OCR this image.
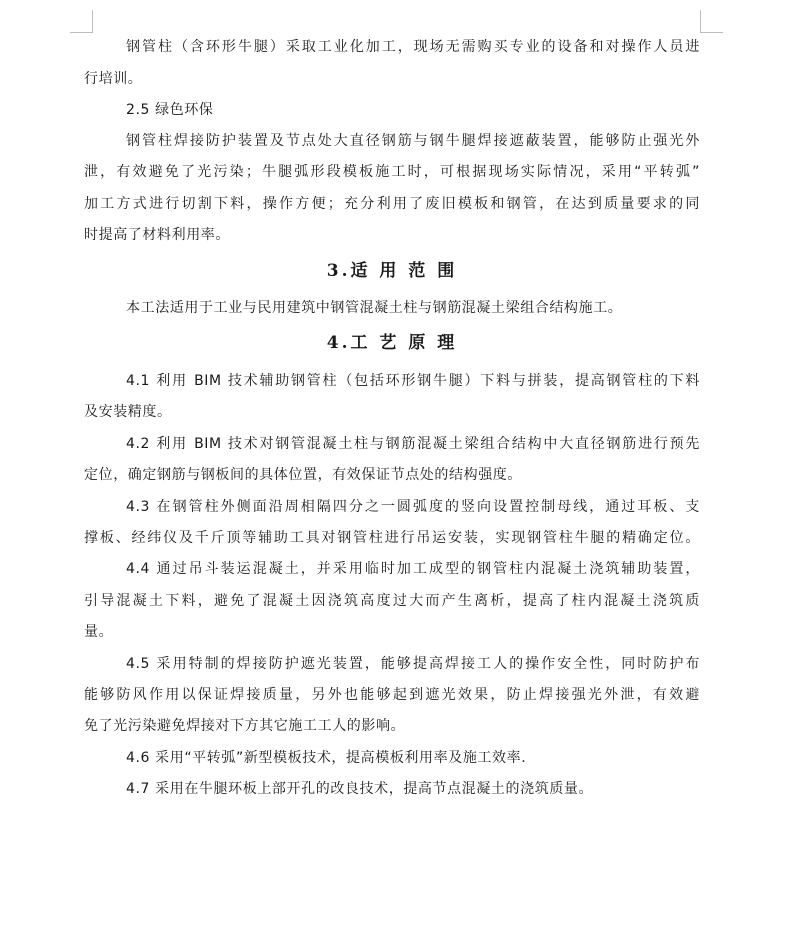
钢管柱（含环形牛腿）采取工业化加工，现场无需购买专业的设备和对操作人员进
行培训。
2.5 绿色环保
钢管柱焊接防护装置及节点处大直径钢筋与钢牛腿焊接遮蔽装置，能够防止强光外
泄，有效避免了光污染；牛腿弧形段模板施工时，可根据现场实际情况，采用“平转弧”
加工方式进行切割下料，操作方便；充分利用了废旧模板和钢管，在达到质量要求的同
时提高了材料利用率。
3.适 用 范 围
本工法适用于工业与民用建筑中钢管混凝土柱与钢筋混凝土梁组合结构施工。
4.工 艺 原 理
4.1 利用 BIM 技术辅助钢管柱（包括环形钢牛腿）下料与拼装，提高钢管柱的下料
及安装精度。
4.2 利用 BIM 技术对钢管混凝土柱与钢筋混凝土梁组合结构中大直径钢筋进行预先
定位，确定钢筋与钢板间的具体位置，有效保证节点处的结构强度。
4.3 在钢管柱外侧面沿周相隔四分之一圆弧度的竖向设置控制母线，通过耳板、支
撑板、经纬仪及千斤顶等辅助工具对钢管柱进行吊运安装，实现钢管柱牛腿的精确定位。
4.4 通过吊斗装运混凝土，并采用临时加工成型的钢管柱内混凝土浇筑辅助装置，
引导混凝土下料，避免了混凝土因浇筑高度过大而产生离析，提高了柱内混凝土浇筑质
量。
4.5 采用特制的焊接防护遮光装置，能够提高焊接工人的操作安全性，同时防护布
能够防风作用以保证焊接质量，另外也能够起到遮光效果，防止焊接强光外泄，有效避
免了光污染避免焊接对下方其它施工工人的影响。
4.6 采用“平转弧”新型模板技术，提高模板利用率及施工效率.
4.7 采用在牛腿环板上部开孔的改良技术，提高节点混凝土的浇筑质量。
